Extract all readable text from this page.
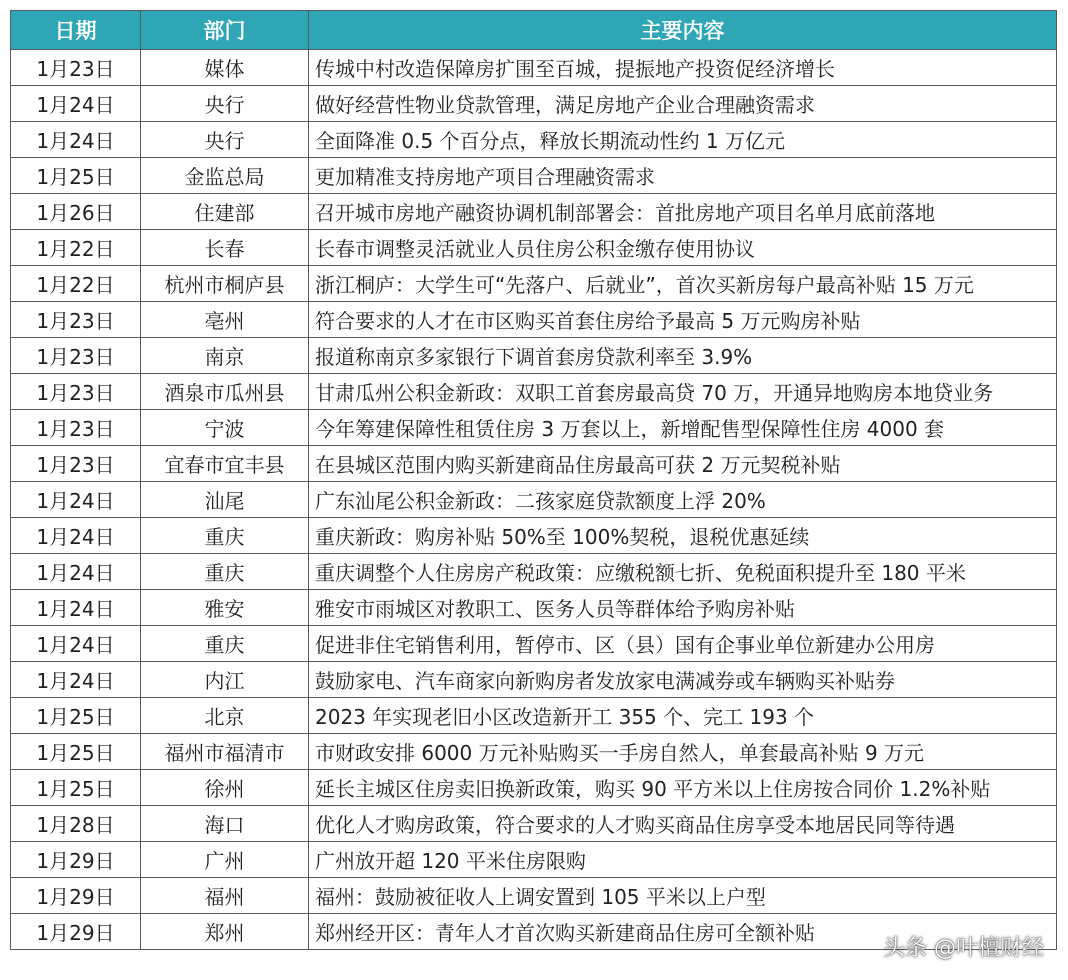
日期	部门	主要内容
1月23日	媒体	传城中村改造保障房扩围至百城，提振地产投资促经济增长
1月24日	央行	做好经营性物业贷款管理，满足房地产企业合理融资需求
1月24日	央行	全面降准 0.5 个百分点，释放长期流动性约 1 万亿元
1月25日	金监总局	更加精准支持房地产项目合理融资需求
1月26日	住建部	召开城市房地产融资协调机制部署会：首批房地产项目名单月底前落地
1月22日	长春	长春市调整灵活就业人员住房公积金缴存使用协议
1月22日	杭州市桐庐县	浙江桐庐：大学生可“先落户、后就业”，首次买新房每户最高补贴 15 万元
1月23日	亳州	符合要求的人才在市区购买首套住房给予最高 5 万元购房补贴
1月23日	南京	报道称南京多家银行下调首套房贷款利率至 3.9%
1月23日	酒泉市瓜州县	甘肃瓜州公积金新政：双职工首套房最高贷 70 万，开通异地购房本地贷业务
1月23日	宁波	今年筹建保障性租赁住房 3 万套以上，新增配售型保障性住房 4000 套
1月23日	宜春市宜丰县	在县城区范围内购买新建商品住房最高可获 2 万元契税补贴
1月24日	汕尾	广东汕尾公积金新政：二孩家庭贷款额度上浮 20%
1月24日	重庆	重庆新政：购房补贴 50%至 100%契税，退税优惠延续
1月24日	重庆	重庆调整个人住房房产税政策：应缴税额七折、免税面积提升至 180 平米
1月24日	雅安	雅安市雨城区对教职工、医务人员等群体给予购房补贴
1月24日	重庆	促进非住宅销售利用，暂停市、区（县）国有企事业单位新建办公用房
1月24日	内江	鼓励家电、汽车商家向新购房者发放家电满减券或车辆购买补贴券
1月25日	北京	2023 年实现老旧小区改造新开工 355 个、完工 193 个
1月25日	福州市福清市	市财政安排 6000 万元补贴购买一手房自然人，单套最高补贴 9 万元
1月25日	徐州	延长主城区住房卖旧换新政策，购买 90 平方米以上住房按合同价 1.2%补贴
1月28日	海口	优化人才购房政策，符合要求的人才购买商品住房享受本地居民同等待遇
1月29日	广州	广州放开超 120 平米住房限购
1月29日	福州	福州：鼓励被征收人上调安置到 105 平米以上户型
1月29日	郑州	郑州经开区：青年人才首次购买新建商品住房可全额补贴
头条 @叶檀财经
